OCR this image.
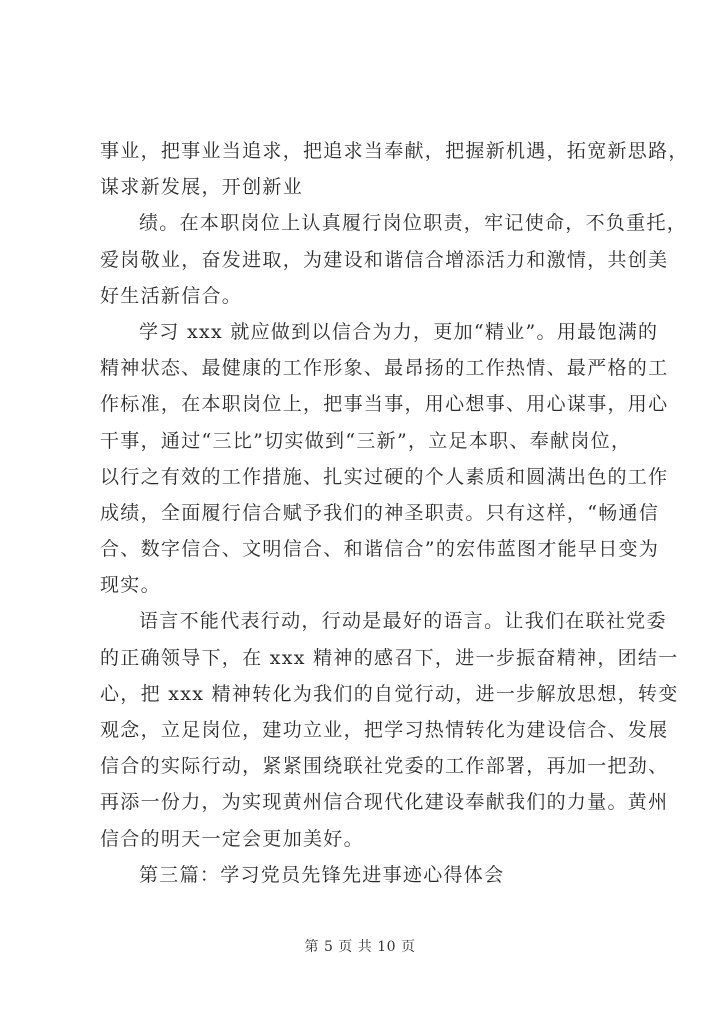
事业，把事业当追求，把追求当奉献，把握新机遇，拓宽新思路，
谋求新发展，开创新业
绩。在本职岗位上认真履行岗位职责，牢记使命，不负重托，
爱岗敬业，奋发进取，为建设和谐信合增添活力和激情，共创美
好生活新信合。
学习 xxx 就应做到以信合为力，更加“精业”。用最饱满的
精神状态、最健康的工作形象、最昂扬的工作热情、最严格的工
作标准，在本职岗位上，把事当事，用心想事、用心谋事，用心
干事，通过“三比”切实做到“三新”，立足本职、奉献岗位，
以行之有效的工作措施、扎实过硬的个人素质和圆满出色的工作
成绩，全面履行信合赋予我们的神圣职责。只有这样，“畅通信
合、数字信合、文明信合、和谐信合”的宏伟蓝图才能早日变为
现实。
语言不能代表行动，行动是最好的语言。让我们在联社党委
的正确领导下，在 xxx 精神的感召下，进一步振奋精神，团结一
心，把 xxx 精神转化为我们的自觉行动，进一步解放思想，转变
观念，立足岗位，建功立业，把学习热情转化为建设信合、发展
信合的实际行动，紧紧围绕联社党委的工作部署，再加一把劲、
再添一份力，为实现黄州信合现代化建设奉献我们的力量。黄州
信合的明天一定会更加美好。
第三篇：学习党员先锋先进事迹心得体会
第 5 页 共 10 页
